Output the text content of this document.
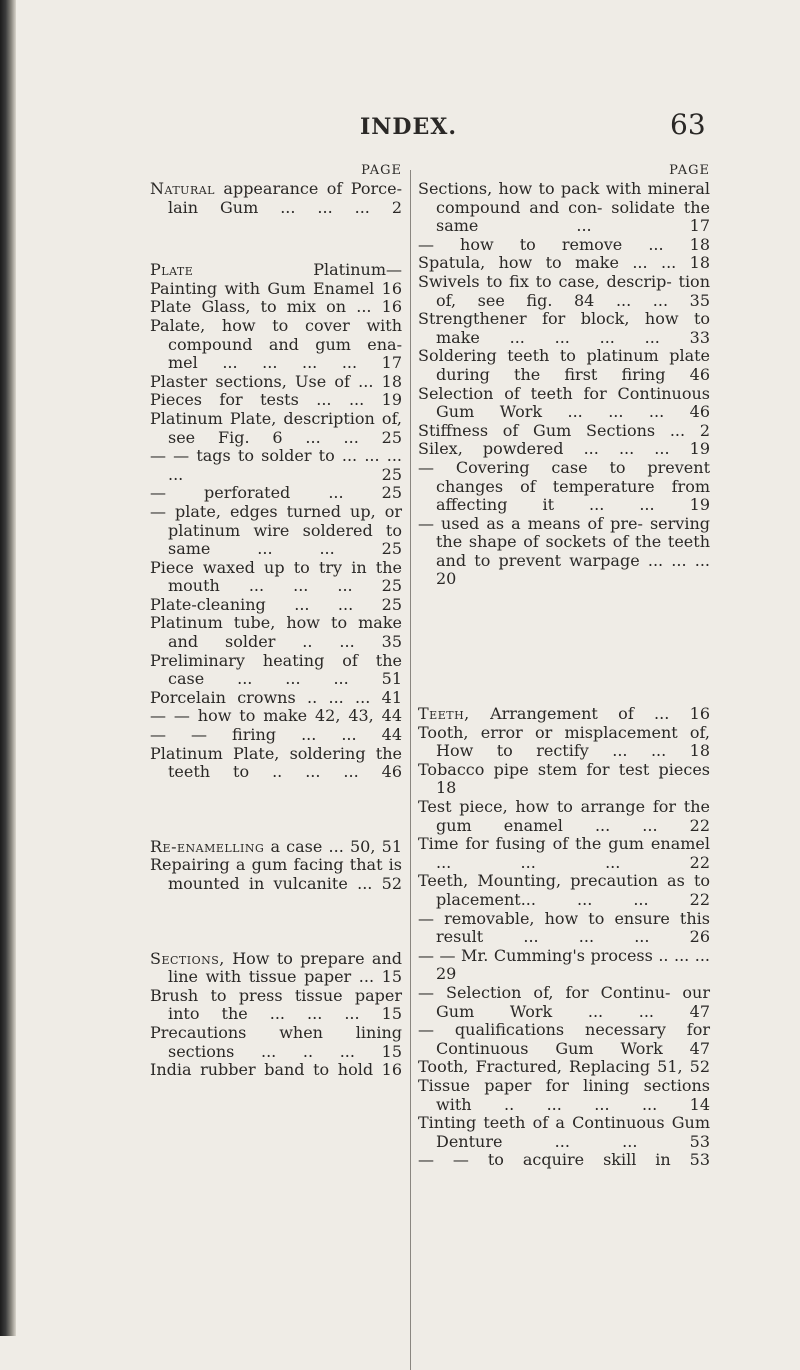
INDEX.	63
PAGE
Natural appearance of Porce- lain Gum ... ... ... 2
Plate Platinum—
Painting with Gum Enamel 16
Plate Glass, to mix on ... 16
Palate, how to cover with compound and gum ena- mel ... ... ... ... 17
Plaster sections, Use of ... 18
Pieces for tests ... ... 19
Platinum Plate, description of, see Fig. 6 ... ... 25
— — tags to solder to ... ... ... ... 25
— perforated ... 25
— plate, edges turned up, or platinum wire soldered to same ... ... 25
Piece waxed up to try in the mouth ... ... ... 25
Plate-cleaning ... ... 25
Platinum tube, how to make and solder .. ... 35
Preliminary heating of the case ... ... ... 51
Porcelain crowns .. ... ... 41
— — how to make 42, 43, 44
— — firing ... ... 44
Platinum Plate, soldering the teeth to .. ... ... 46
Re-enamelling a case ... 50, 51
Repairing a gum facing that is mounted in vulcanite ... 52
Sections, How to prepare and line with tissue paper ... 15
Brush to press tissue paper into the ... ... ... 15
Precautions when lining sections ... .. ... 15
India rubber band to hold 16
PAGE
Sections, how to pack with mineral compound and con- solidate the same ... 17
— how to remove ... 18
Spatula, how to make ... ... 18
Swivels to fix to case, descrip- tion of, see fig. 84 ... ... 35
Strengthener for block, how to make ... ... ... ... 33
Soldering teeth to platinum plate during the first firing 46
Selection of teeth for Continuous Gum Work ... ... ... 46
Stiffness of Gum Sections ... 2
Silex, powdered ... ... ... 19
— Covering case to prevent changes of temperature from affecting it ... ... 19
— used as a means of pre- serving the shape of sockets of the teeth and to prevent warpage ... ... ... 20
Teeth, Arrangement of ... 16
Tooth, error or misplacement of, How to rectify ... ... 18
Tobacco pipe stem for test pieces 18
Test piece, how to arrange for the gum enamel ... ... 22
Time for fusing of the gum enamel ... ... ... 22
Teeth, Mounting, precaution as to placement... ... ... 22
— removable, how to ensure this result ... ... ... 26
— — Mr. Cumming's process .. ... ... 29
— Selection of, for Continu- our Gum Work ... ... 47
— qualifications necessary for Continuous Gum Work 47
Tooth, Fractured, Replacing 51, 52
Tissue paper for lining sections with .. ... ... ... 14
Tinting teeth of a Continuous Gum Denture ... ... 53
— — to acquire skill in 53
